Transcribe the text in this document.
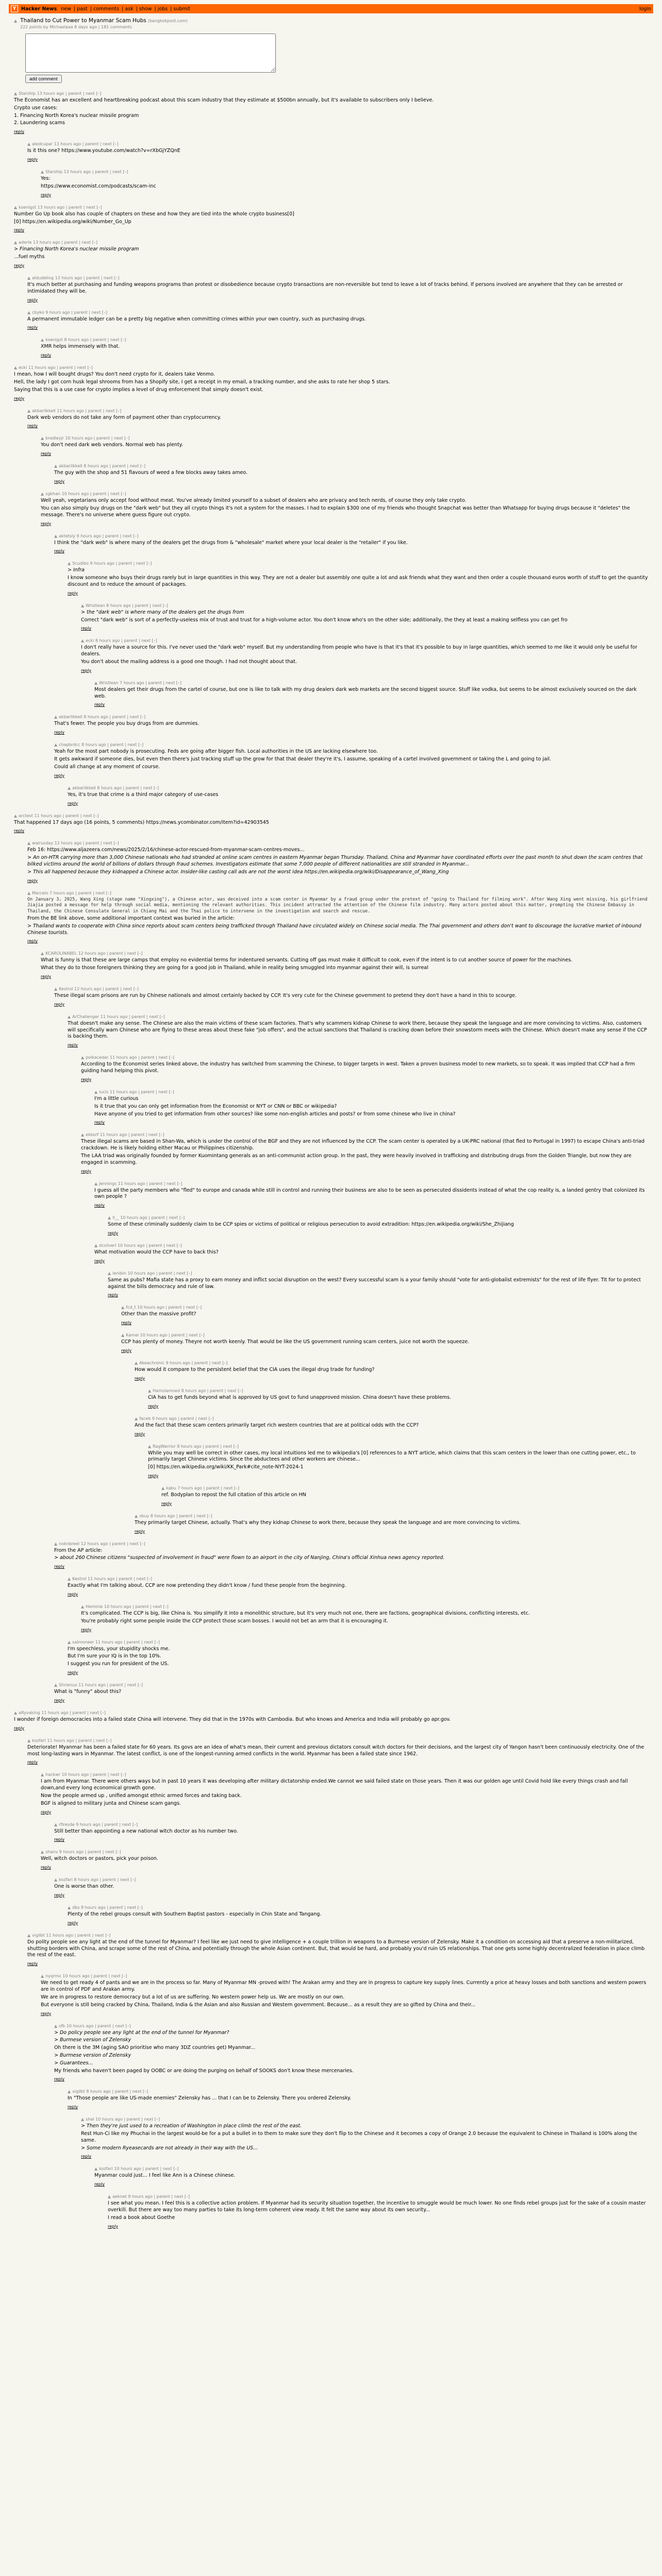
Y	Hacker News new | past | comments | ask | show | jobs | submit	login
▲ Thailand to Cut Power to Myanmar Scam Hubs (bangkokpost.com)
222 points by Michaelaaa 8 days ago | 181 comments
add comment
▲ Starship 13 hours ago | parent | next [–]

The Economist has an excellent and heartbreaking podcast about this scam industry that they estimate at $500bn annually, but it's available to subscribers only I believe.

Crypto use cases:

1. Financing North Korea's nuclear missile program

2. Laundering scams

reply
▲ aledcupar 13 hours ago | parent | next [–]

Is it this one? https://www.youtube.com/watch?v=rXbGjYZQnE

reply
▲ Starship 13 hours ago | parent | next [–]

Yes:

https://www.economist.com/podcasts/scam-inc

reply
▲ koenigst 13 hours ago | parent | next [–]

Number Go Up book also has couple of chapters on these and how they are tied into the whole crypto business[0]

[0] https://en.wikipedia.org/wiki/Number_Go_Up

reply
▲ aderle 13 hours ago | parent | next [–]

> Financing North Korea's nuclear missile program

...fuel myths

reply
▲ aldudeling 13 hours ago | parent | next [–]

It's much better at purchasing and funding weapons programs than protest or disobedience because crypto transactions are non-reversible but tend to leave a lot of tracks behind. If persons involved are anywhere that they can be arrested or intimidated they will be.

reply
▲ cbyko 9 hours ago | parent | next [–]

A permanent immutable ledger can be a pretty big negative when committing crimes within your own country, such as purchasing drugs.

reply
▲ koenigst 8 hours ago | parent | next [–]

XMR helps immensely with that.

reply
▲ ecki 11 hours ago | parent | next [–]

I mean, how I will bought drugs? You don't need crypto for it, dealers take Venmo.

Hell, the lady I got corn husk legal shrooms from has a Shopify site, I get a receipt in my email, a tracking number, and she asks to rate her shop 5 stars.

Saying that this is a use case for crypto implies a level of drug enforcement that simply doesn't exist.

reply
▲ akbarlikkell 11 hours ago | parent | next [–]

Dark web vendors do not take any form of payment other than cryptocurrency.

reply
▲ bradleyjr 10 hours ago | parent | next [–]

You don't need dark web vendors. Normal web has plenty.

reply
▲ akbarlikkell 8 hours ago | parent | next [–]

The guy with the shop and 51 flavours of weed a few blocks away takes ameo.

reply
▲ sgkhan 10 hours ago | parent | next [–]

Well yeah, vegetarians only accept food without meat. You've already limited yourself to a subset of dealers who are privacy and tech nerds, of course they only take crypto.

You can also simply buy drugs on the "dark web" but they all crypto things it's not a system for the masses. I had to explain $300 one of my friends who thought Snapchat was better than Whatsapp for buying drugs because it "deletes" the message. There's no universe where guess figure out crypto.

reply
▲ aktetsly 9 hours ago | parent | next [–]

I think the "dark web" is where many of the dealers get the drugs from & "wholesale" market where your local dealer is the "retailer" if you like.

reply
▲ Scudibo 9 hours ago | parent | next [–]

> Infra

I know someone who buys their drugs rarely but in large quantities in this way. They are not a dealer but assembly one quite a lot and ask friends what they want and then order a couple thousand euros worth of stuff to get the quantity discount and to reduce the amount of packages.

reply
▲ Wristlean 8 hours ago | parent | next [–]

> the "dark web" is where many of the dealers get the drugs from

Correct "dark web" is sort of a perfectly-useless mix of trust and trust for a high-volume actor. You don't know who's on the other side; additionally, the they at least a making selfless you can get fro

reply
▲ ecki 8 hours ago | parent | next [–]

I don't really have a source for this. I've never used the "dark web" myself. But my understanding from people who have is that it's that it's possible to buy in large quantities, which seemed to me like it would only be useful for dealers.

You don't about the mailing address is a good one though. I had not thought about that.

reply
▲ Wristlean 7 hours ago | parent | next [–]

Most dealers get their drugs from the cartel of course, but one is like to talk with my drug dealers dark web markets are the second biggest source. Stuff like vodka, but seems to be almost exclusively sourced on the dark web.

reply
▲ akbarlikkell 8 hours ago | parent | next [–]

That's fewer. The people you buy drugs from are dummies.

reply
▲ chapbrdcc 8 hours ago | parent | next [–]

Yeah for the most part nobody is prosecuting. Feds are going after bigger fish. Local authorities in the US are lacking elsewhere too.

It gets awkward if someone dies, but even then there's just tracking stuff up the grow for that that dealer they're it's, I assume, speaking of a cartel involved government or taking the L and going to jail.

Could all change at any moment of course.

reply
▲ akbarlikkell 8 hours ago | parent | next [–]

Yes, it's true that crime is a third major category of use-cases

reply
▲ arctest 11 hours ago | parent | next [–]

That happened 17 days ago (16 points, 5 comments) https://news.ycombinator.com/item?id=42903545

reply
▲ walrusday 12 hours ago | parent | next [–]

Feb 16: https://www.aljazeera.com/news/2025/2/16/chinese-actor-rescued-from-myanmar-scam-centres-moves...

> An on-HTR carrying more than 3,000 Chinese nationals who had stranded at online scam centres in eastern Myanmar began Thursday. Thailand, China and Myanmar have coordinated efforts over the past month to shut down the scam centres that bilked victims around the world of billions of dollars through fraud schemes. Investigators estimate that some 7,000 people of different nationalities are still stranded in Myanmar...

> This all happened because they kidnapped a Chinese actor. Insider-like casting call ads are not the worst idea https://en.wikipedia.org/wiki/Disappearance_of_Wang_Xing

reply
▲ Marcelo 7 hours ago | parent | next [–]

On January 3, 2025, Wang Xing (stage name "Xingxing"), a Chinese actor, was deceived into a scam center in Myanmar by a fraud group under the pretext of "going to Thailand for filming work". After Wang Xing went missing, his girlfriend Jiajia posted a message for help through social media, mentioning the relevant authorities. This incident attracted the attention of the Chinese film industry. Many actors posted about this matter, prompting the Chinese Embassy in Thailand, the Chinese Consulate General in Chiang Mai and the Thai police to intervene in the investigation and search and rescue.

From the BE link above, some additional important context was buried in the article:

> Thailand wants to cooperate with China since reports about scam centers being trafficked through Thailand have circulated widely on Chinese social media. The Thai government and others don't want to discourage the lucrative market of inbound Chinese tourists.

reply
▲ KCAROLINABEL 12 hours ago | parent | next [–]

What is funny is that these are large camps that employ no evidential terms for indentured servants. Cutting off gas must make it difficult to cook, even if the intent is to cut another source of power for the machines.

What they do to those foreigners thinking they are going for a good job in Thailand, while in reality being smuggled into myanmar against their will, is surreal

reply
▲ Kestrol 12 hours ago | parent | next [–]

These illegal scam prisons are run by Chinese nationals and almost certainly backed by CCP. It's very cute for the Chinese government to pretend they don't have a hand in this to scourge.

reply
▲ ArChallenger 11 hours ago | parent | next [–]

That doesn't make any sense. The Chinese are also the main victims of these scam factories. That's why scammers kidnap Chinese to work there, because they speak the language and are more convincing to victims. Also, customers will specifically warn Chinese who are flying to these areas about these fake "job offers", and the actual sanctions that Thailand is cracking down before their snowstorm meets with the Chinese. Which doesn't make any sense if the CCP is backing them.

reply
▲ polkacedar 11 hours ago | parent | next [–]

According to the Economist series linked above, the industry has switched from scamming the Chinese, to bigger targets in west. Taken a proven business model to new markets, so to speak. It was implied that CCP had a firm guiding hand helping this pivot.

reply
▲ lucis 11 hours ago | parent | next [–]

I'm a little curious

Is it true that you can only get information from the Economist or NYT or CNN or BBC or wikipedia?

Have anyone of you tried to get information from other sources? like some non-english articles and posts? or from some chinese who live in china?

reply
▲ ekkorf 11 hours ago | parent | next [–]

These illegal scams are based in Shan-Wa, which is under the control of the BGF and they are not influenced by the CCP. The scam center is operated by a UK-PRC national (that fled to Portugal in 1997) to escape China's anti-triad crackdown. He is likely holding either Macau or Philippines citizenship.

The LAA triad was originally founded by former Kuomintang generals as an anti-communist action group. In the past, they were heavily involved in trafficking and distributing drugs from the Golden Triangle, but now they are engaged in scamming.

reply
▲ Jennings 11 hours ago | parent | next [–]

I guess all the party members who "fled" to europe and canada while still in control and running their business are also to be seen as persecuted dissidents instead of what the cop reality is, a landed gentry that colonized its own people ?

reply
▲ ll__ 10 hours ago | parent | next [–]

Some of these criminally suddenly claim to be CCP spies or victims of political or religious persecution to avoid extradition: https://en.wikipedia.org/wiki/She_Zhijiang

reply
▲ dcsilverl 10 hours ago | parent | next [–]

What motivation would the CCP have to back this?

reply
▲ lenibin 10 hours ago | parent | next [–]

Same as pubs? Mafia state has a proxy to earn money and inflict social disruption on the west? Every successful scam is a your family should "vote for anti-globalist extremists" for the rest of life flyer. Tit for to protect against the bills democracy and rule of law.

reply
▲ fcd_t 10 hours ago | parent | next [–]

Other than the massive profit?

reply
▲ Kamei 10 hours ago | parent | next [–]

CCP has plenty of money. Theyre not worth keenly. That would be like the US government running scam centers, juice not worth the squeeze.

reply
▲ Akeachronic 9 hours ago | parent | next [–]

How would it compare to the persistent belief that the CIA uses the illegal drug trade for funding?

reply
▲ Hamslamned 8 hours ago | parent | next [–]

CIA has to get funds beyond what is approved by US govt to fund unapproved mission. China doesn't have these problems.

reply
▲ faceb 9 hours ago | parent | next [–]

And the fact that these scam centers primarily target rich western countries that are at political odds with the CCP?

reply
▲ RagWarrior 8 hours ago | parent | next [–]

While you may well be correct in other cases, my local intuitions led me to wikipedia's [0] references to a NYT article, which claims that this scam centers in the lower than one cutting power, etc., to primarily target Chinese victims. Since the abductees and other workers are chinese...

[0] https://en.wikipedia.org/wiki/KK_Park#cite_note-NYT-2024-1

reply
▲ kabu 7 hours ago | parent | next [–]

ref. Bodyplan to repost the full citation of this article on HN

reply
▲ sbuy 8 hours ago | parent | next [–]

They primarily target Chinese, actually. That's why they kidnap Chinese to work there, because they speak the language and are more convincing to victims.

reply
▲ noknbreel 12 hours ago | parent | next [–]

From the AP article:

> about 260 Chinese citizens "suspected of involvement in fraud" were flown to an airport in the city of Nanjing, China's official Xinhua news agency reported.

reply
▲ Kestrol 11 hours ago | parent | next [–]

Exactly what I'm talking about. CCP are now pretending they didn't know / fund these people from the beginning.

reply
▲ Heminie 10 hours ago | parent | next [–]

It's complicated. The CCP is big, like China is. You simplify it into a monolithic structure, but it's very much not one, there are factions, geographical divisions, conflicting interests, etc.

You're probably right some people inside the CCP protect those scam bosses. I would not bet an arm that it is encouraging it.

reply
▲ salmoneer 11 hours ago | parent | next [–]

I'm speechless, your stupidity shocks me.

But I'm sure your IQ is in the top 10%.

I suggest you run for president of the US.

reply
▲ Shrienux 11 hours ago | parent | next [–]

What is "funny" about this?

reply
▲ aRyvaking 11 hours ago | parent | next [–]

I wonder if foreign democracies into a failed state China will intervene. They did that in the 1970s with Cambodia. But who knows and America and India will probably go apr.gov.

reply
▲ kozfarl 11 hours ago | parent | next [–]

Deteriorate! Myanmar has been a failed state for 60 years. Its govs are an idea of what's mean, their current and previous dictators consult witch doctors for their decisions, and the largest city of Yangon hasn't been continuously electricity. One of the most long-lasting wars in Myanmar. The latest conflict, is one of the longest-running armed conflicts in the world. Myanmar has been a failed state since 1962.

reply
▲ hackwr 10 hours ago | parent | next [–]

I am from Myanmar. There were others ways but in past 10 years it was developing after military dictatorship ended.We cannot we said failed state on those years. Then it was our golden age until Covid hold like every things crash and fall down,and every long economical growth gone.

Now the people armed up , unified amongst ethnic armed forces and taking back.

BGF is aligned to military junta and Chinese scam gangs.

reply
▲ rfiresde 9 hours ago | parent | next [–]

Still better than appointing a new national witch doctor as his number two.

reply
▲ shanv 9 hours ago | parent | next [–]

Well, witch doctors or pastors, pick your poison.

reply
▲ kozfarl 8 hours ago | parent | next [–]

One is worse than other.

reply
▲ dbs 8 hours ago | parent | next [–]

Plenty of the rebel groups consult with Southern Baptist pastors - especially in Chin State and Tangang.

reply
▲ vigilbt 11 hours ago | parent | next [–]

Do polity people see any light at the end of the tunnel for Myanmar? I feel like we just need to give intelligence + a couple trillion in weapons to a Burmese version of Zelensky. Make it a condition on accessing aid that a preserve a non-militarized, shutting borders with China, and scrape some of the rest of China, and potentially through the whole Asian continent. But, that would be hard, and probably you'd ruin US relationships. That one gets some highly decentralized federation in place climb the rest of the east.

reply
▲ nyqrmx 10 hours ago | parent | next [–]

We need to get ready 4 of pants and we are in the process so far. Many of Myanmar MN -proved with! The Arakan army and they are in progress to capture key supply lines. Currently a price at heavy losses and both sanctions and western powers are in control of PDF and Arakan army.

We are in progress to restore democracy but a lot of us are suffering. No western power help us. We are mostly on our own.

But everyone is still being cracked by China, Thailand, India & the Asian and also Russian and Western government. Because... as a result they are so gifted by China and their...

reply
▲ sfb 10 hours ago | parent | next [–]

> Do policy people see any light at the end of the tunnel for Myanmar?

> Burmese version of Zelensky

Oh there is the 3M (aging SAO prioritise who many 3DZ countries get) Myanmar...

> Burmese version of Zelensky

> Guarantees...

My friends who haven't been paged by OOBC or are doing the purging on behalf of SOOKS don't know these mercenaries.

reply
▲ vigilbt 8 hours ago | parent | next [–]

In "Those people are like US-made enemies" Zelensky has ... that I can be to Zelensky. There you ordered Zelensky.

reply
▲ shal 10 hours ago | parent | next [–]

> Then they're just used to a recreation of Washington in place climb the rest of the east.

Rest Hun-Ci like my Phuchai in the largest would-be for a put a bullet in to them to make sure they don't flip to the Chinese and it becomes a copy of Orange 2.0 because the equivalent to Chinese in Thailand is 100% along the same.

> Some modern Ryeasecards are not already in their way with the US...

reply
▲ kozfarl 10 hours ago | parent | next [–]

Myanmar could just... I feel like Ann is a Chinese chinese.

reply
▲ aeknet 9 hours ago | parent | next [–]

I see what you mean. I feel this is a collective action problem. If Myanmar had its security situation together, the incentive to smuggle would be much lower. No one finds rebel groups just for the sake of a cousin master overkill. But there are way too many parties to take its long-term coherent view ready. It felt the same way about its own security...

I read a book about Goethe

reply
